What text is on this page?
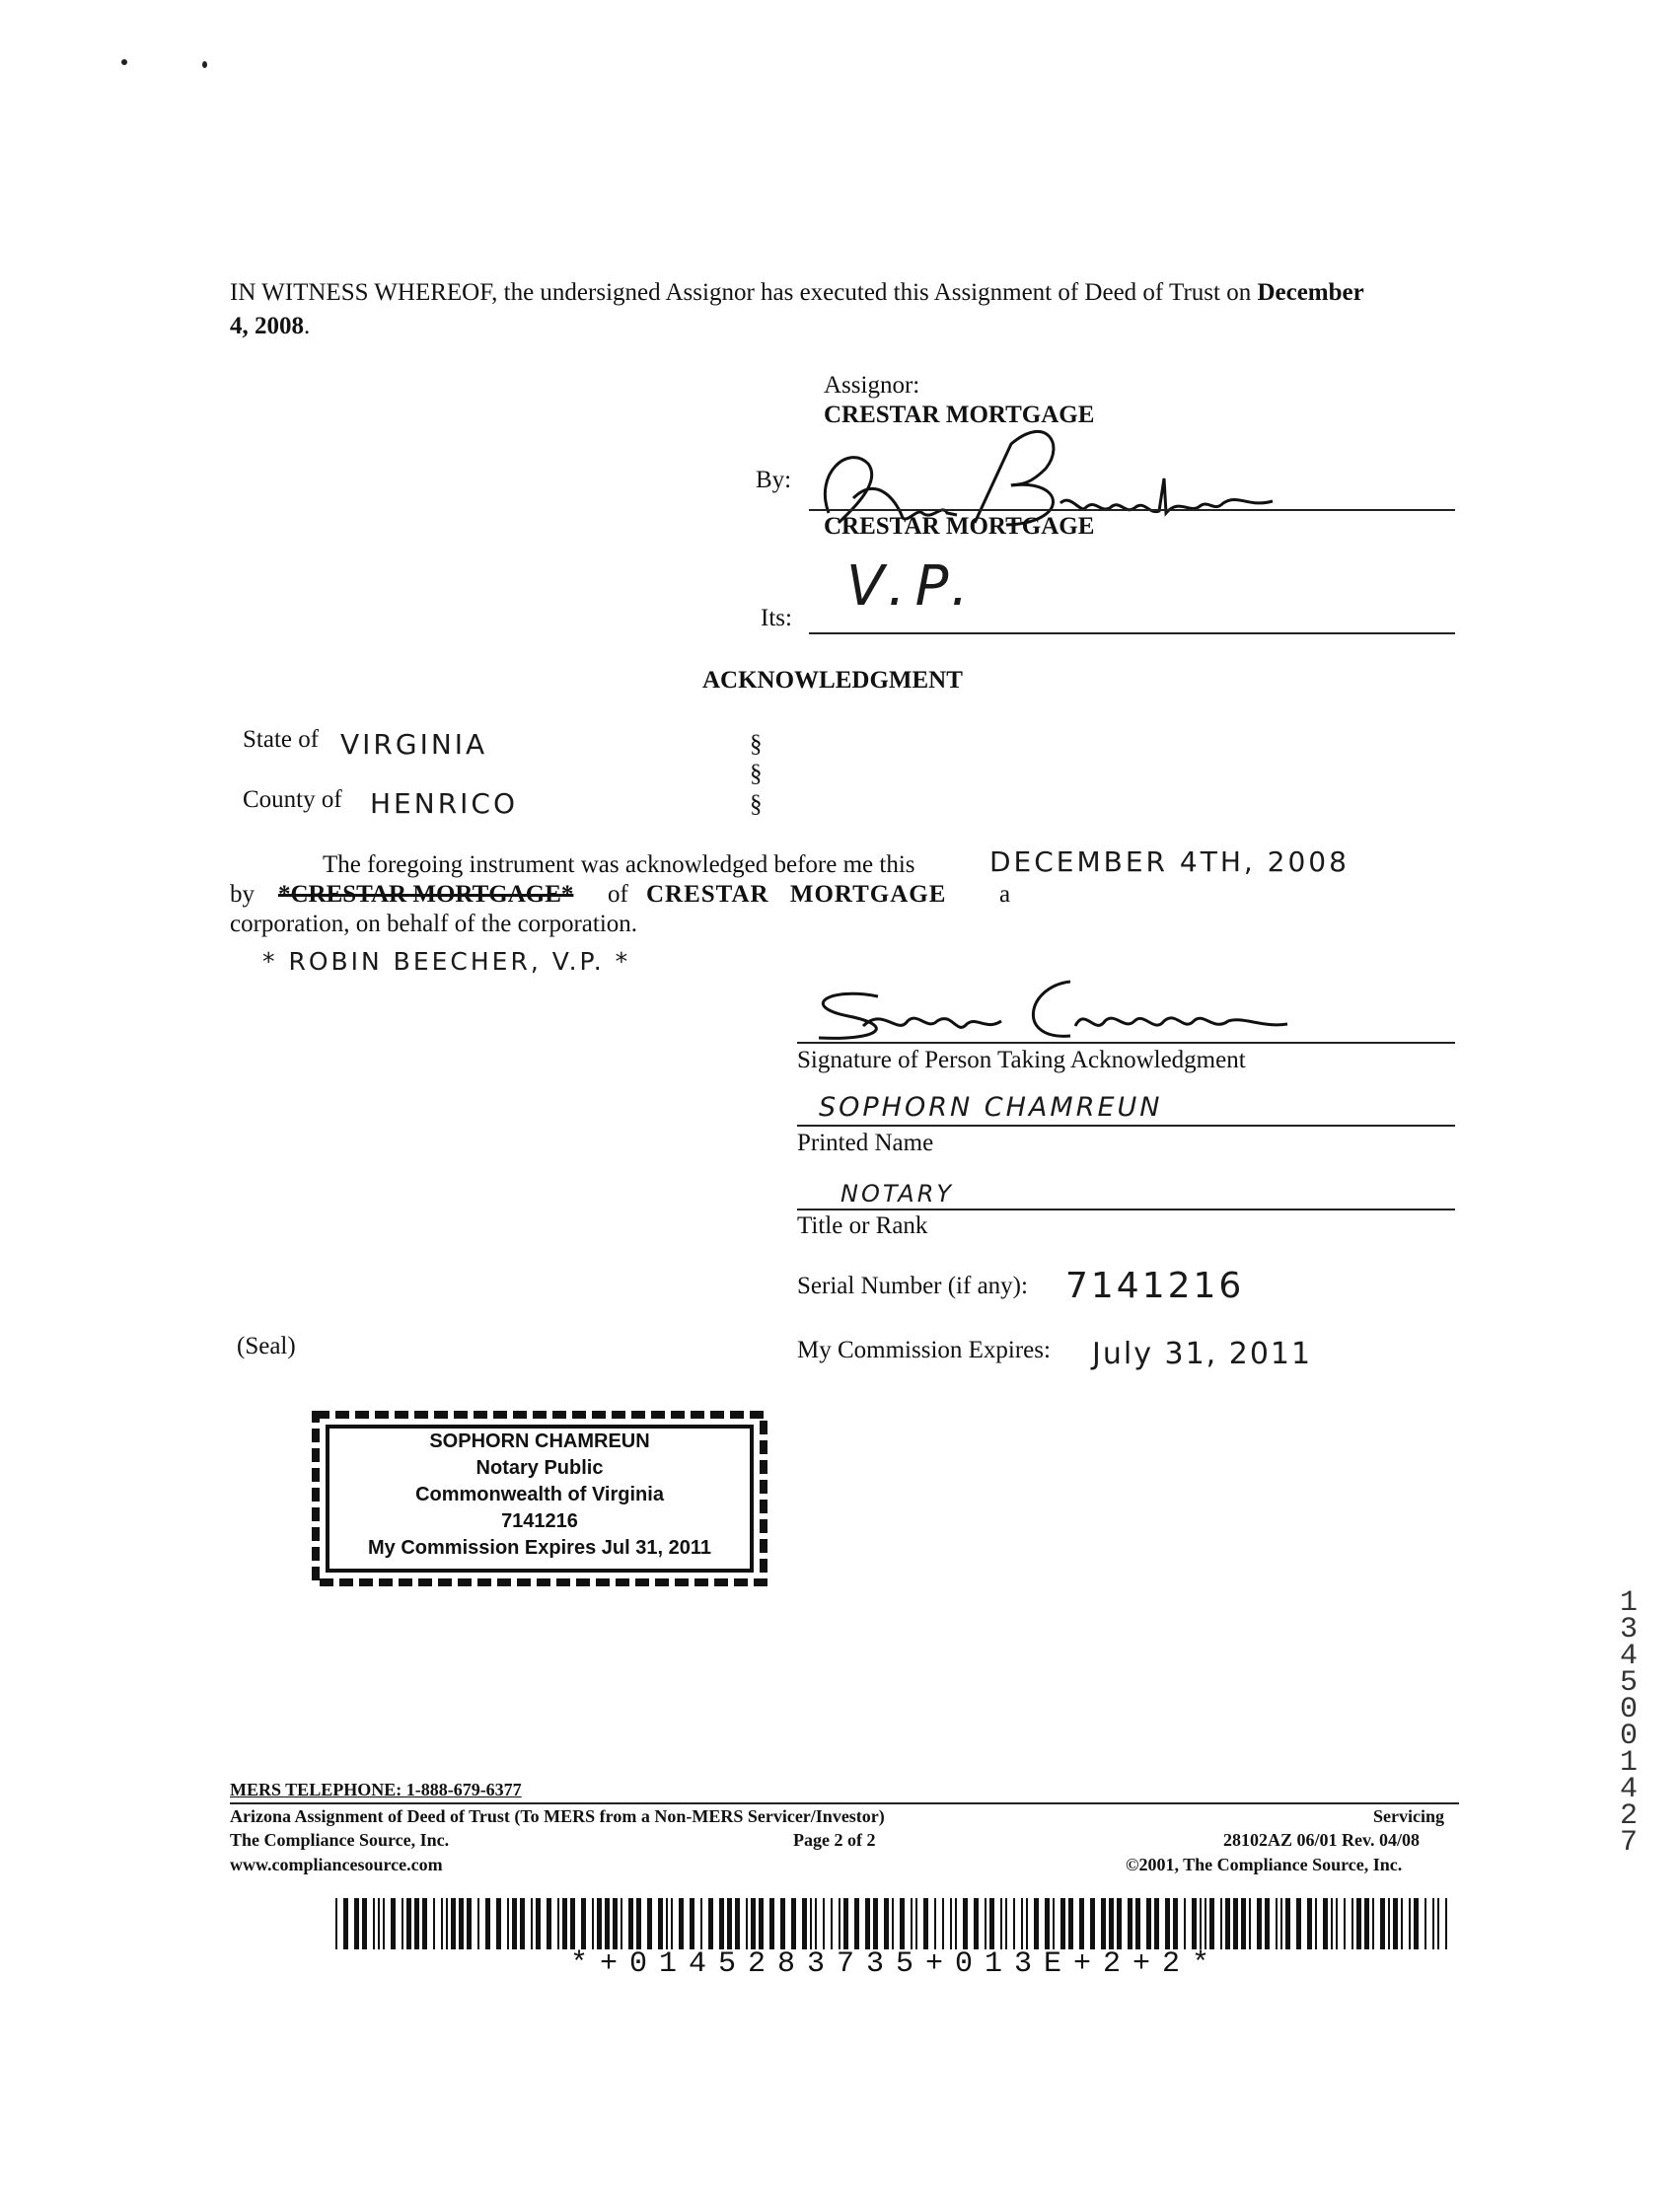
IN WITNESS WHEREOF, the undersigned Assignor has executed this Assignment of Deed of Trust on December
4, 2008.
Assignor:
CRESTAR MORTGAGE
By:
CRESTAR MORTGAGE
Its: V.P.
ACKNOWLEDGMENT
State of VIRGINIA
County of HENRICO
§
§
§
The foregoing instrument was acknowledged before me this	DECEMBER 4TH, 2008
by *CRESTAR MORTGAGE* of CRESTAR MORTGAGE a
corporation, on behalf of the corporation.
* ROBIN BEECHER, V.P. *
Signature of Person Taking Acknowledgment
SOPHORN CHAMREUN
Printed Name
NOTARY
Title or Rank
Serial Number (if any): 7141216
(Seal)	My Commission Expires: July 31, 2011
SOPHORN CHAMREUN
Notary Public
Commonwealth of Virginia
7141216
My Commission Expires Jul 31, 2011
1
3
4
5
0
0
1
4
2
7
MERS TELEPHONE: 1-888-679-6377
Arizona Assignment of Deed of Trust (To MERS from a Non-MERS Servicer/Investor)	Servicing
The Compliance Source, Inc.	Page 2 of 2	28102AZ 06/01 Rev. 04/08
www.compliancesource.com	©2001, The Compliance Source, Inc.
*+0145283735+013E+2+2*
